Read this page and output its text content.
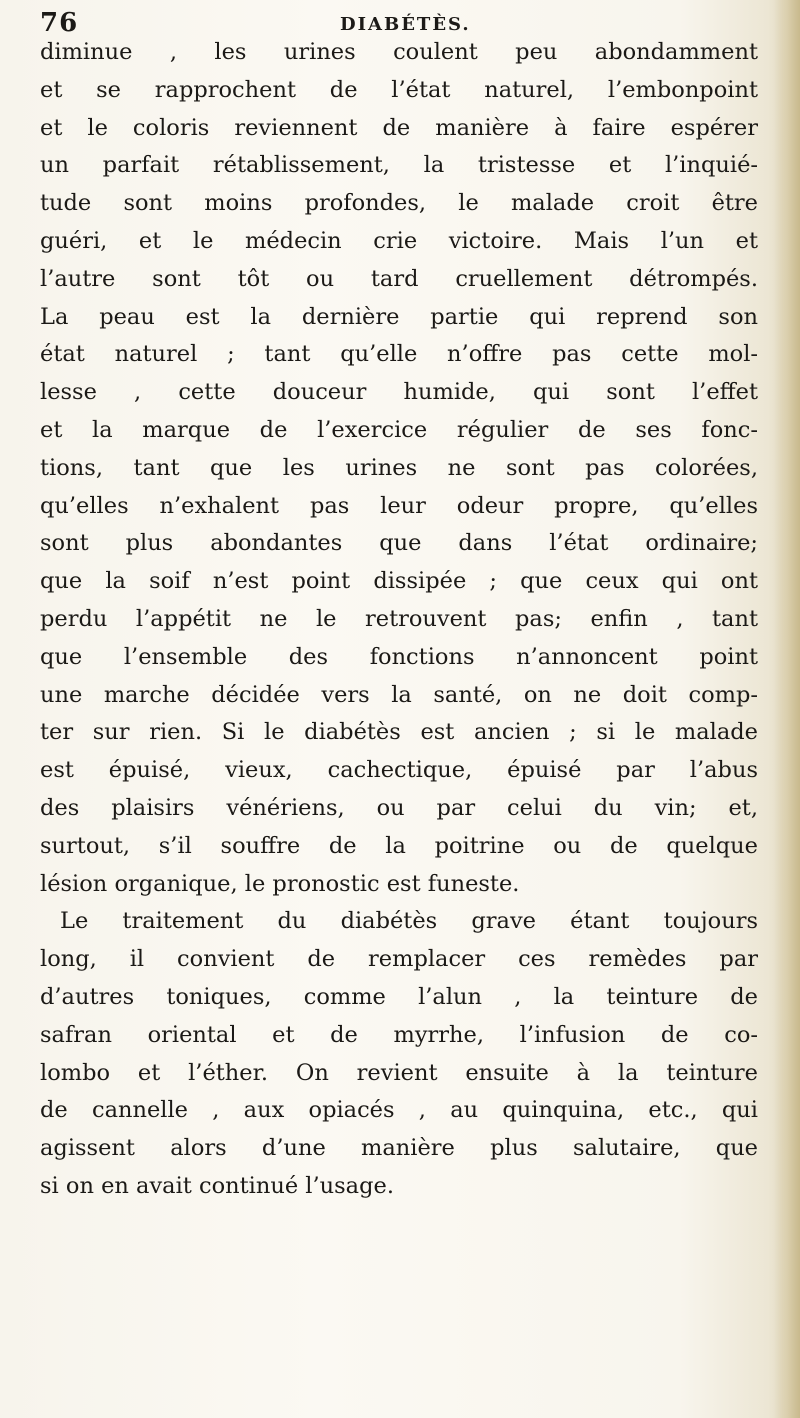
76	DIABÉTÈS.
diminue , les urines coulent peu abondamment
et se rapprochent de l’état naturel, l’embonpoint
et le coloris reviennent de manière à faire espérer
un parfait rétablissement, la tristesse et l’inquié-
tude sont moins profondes, le malade croit être
guéri, et le médecin crie victoire. Mais l’un et
l’autre sont tôt ou tard cruellement détrompés.
La peau est la dernière partie qui reprend son
état naturel ; tant qu’elle n’offre pas cette mol-
lesse , cette douceur humide, qui sont l’effet
et la marque de l’exercice régulier de ses fonc-
tions, tant que les urines ne sont pas colorées,
qu’elles n’exhalent pas leur odeur propre, qu’elles
sont plus abondantes que dans l’état ordinaire;
que la soif n’est point dissipée ; que ceux qui ont
perdu l’appétit ne le retrouvent pas; enfin , tant
que l’ensemble des fonctions n’annoncent point
une marche décidée vers la santé, on ne doit comp-
ter sur rien. Si le diabétès est ancien ; si le malade
est épuisé, vieux, cachectique, épuisé par l’abus
des plaisirs vénériens, ou par celui du vin; et,
surtout, s’il souffre de la poitrine ou de quelque
lésion organique, le pronostic est funeste.
Le traitement du diabétès grave étant toujours
long, il convient de remplacer ces remèdes par
d’autres toniques, comme l’alun , la teinture de
safran oriental et de myrrhe, l’infusion de co-
lombo et l’éther. On revient ensuite à la teinture
de cannelle , aux opiacés , au quinquina, etc., qui
agissent alors d’une manière plus salutaire, que
si on en avait continué l’usage.
